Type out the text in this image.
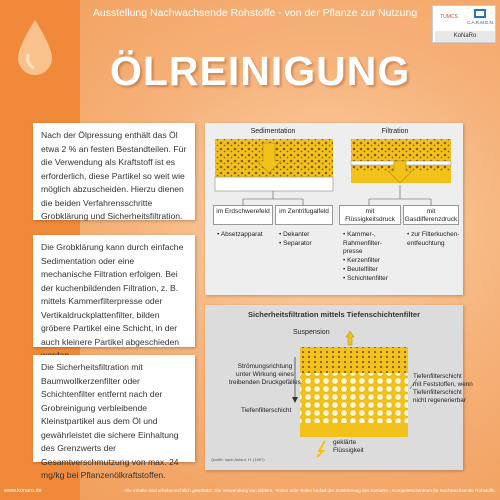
Ausstellung Nachwachsende Rohstoffe - von der Pflanze zur Nutzung	TUMCS
C.A.R.M.E.N.
KoNaRo
ÖLREINIGUNG
Nach der Ölpressung enthält das Öl etwa 2 % an festen Bestandteilen. Für die Verwendung als Kraftstoff ist es erforderlich, diese Partikel so weit wie möglich abzuscheiden. Hierzu dienen die beiden Verfahrensschritte Grobklärung und Sicherheitsfiltration.
Die Grobklärung kann durch einfache Sedimentation oder eine mechanische Filtration erfolgen. Bei der kuchenbildenden Filtration, z. B. mittels Kammerfilterpresse oder Vertikaldruckplattenfilter, bilden gröbere Partikel eine Schicht, in der auch kleinere Partikel abgeschieden
Die Sicherheitsfiltration mit Baumwollkerzenfilter oder Schichtenfilter entfernt nach der Grobreinigung verbleibende Kleinstpartikel aus dem Öl und gewährleistet die sichere Einhaltung des Grenzwerts der Gesamtverschmutzung von max. 24 mg/kg bei Pflanzenölkraftstoffen.
Sedimentation	Filtration
im Erdschwerefeld	im Zentrifugalfeld	mit Flüssigkeitsdruck
mit Gasdifferenzdruck
• Absetzapparat	• Dekanter
• Separator
• Kammer-, Rahmenfilter- presse
• Kerzenfilter
• Beutelfilter
• Schichtenfilter
• zur Filterkuchen- entfeuchtung
Sicherheitsfiltration mittels Tiefenschichtenfilter
Suspension
Strömungsrichtung
unter Wirkung eines
treibenden Druckgefälles
Tiefenfilterschicht
Tiefenfilterschicht
mit Feststoffen, wenn
Tiefenfilterschicht
nicht regenerierbar
geklärte
Flüssigkeit
Quelle: nach Anlauf, H. (1997)
www.konaro.de	Alle Inhalte sind urheberrechtlich geschützt. Die Verwendung von Bildern, Texten oder Teilen bedarf der Zustimmung des KoNaRo - Kompetenzzentrum für Nachwachsende Rohstoffe.
